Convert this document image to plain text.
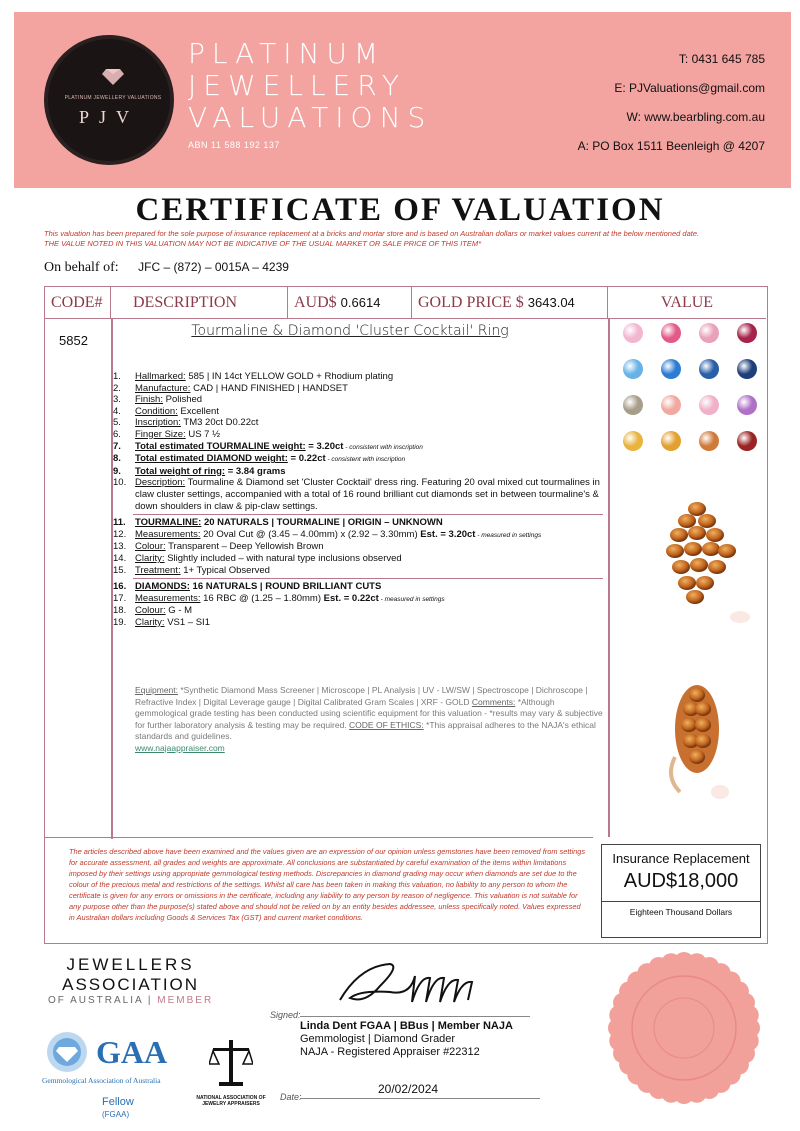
PLATINUM JEWELLERY VALUATIONS
PJV
PLATINUM
JEWELLERY
VALUATIONS
ABN 11 588 192 137
T: 0431 645 785
E: PJValuations@gmail.com
W: www.bearbling.com.au
A: PO Box 1511 Beenleigh @ 4207
CERTIFICATE OF VALUATION
This valuation has been prepared for the sole purpose of insurance replacement at a bricks and mortar store and is based on Australian dollars or market values current at the below mentioned date.
THE VALUE NOTED IN THIS VALUATION MAY NOT BE INDICATIVE OF THE USUAL MARKET OR SALE PRICE OF THIS ITEM*
On behalf of: JFC – (872) – 0015A – 4239
CODE#	DESCRIPTION	AUD$ 0.6614	GOLD PRICE $ 3643.04	VALUE
5852
Tourmaline & Diamond 'Cluster Cocktail' Ring
1.	Hallmarked: 585 | IN 14ct YELLOW GOLD + Rhodium plating
2.	Manufacture: CAD | HAND FINISHED | HANDSET
3.	Finish: Polished
4.	Condition: Excellent
5.	Inscription: TM3 20ct D0.22ct
6.	Finger Size: US 7 ½
7.	Total estimated TOURMALINE weight: = 3.20ct - consistent with inscription
8.	Total estimated DIAMOND weight: = 0.22ct - consistent with inscription
9.	Total weight of ring: = 3.84 grams
10. Description: Tourmaline & Diamond set 'Cluster Cocktail' dress ring. Featuring 20 oval mixed cut tourmalines in claw cluster settings, accompanied with a total of 16 round brilliant cut diamonds set in between tourmaline's & down shoulders in claw & pip-claw settings.
11. TOURMALINE: 20 NATURALS | TOURMALINE | ORIGIN – UNKNOWN
12. Measurements: 20 Oval Cut @ (3.45 – 4.00mm) x (2.92 – 3.30mm) Est. = 3.20ct - measured in settings
13. Colour: Transparent – Deep Yellowish Brown
14. Clarity: Slightly included – with natural type inclusions observed
15. Treatment: 1+ Typical Observed
16. DIAMONDS: 16 NATURALS | ROUND BRILLIANT CUTS
17. Measurements: 16 RBC @ (1.25 – 1.80mm) Est. = 0.22ct - measured in settings
18. Colour: G - M
19. Clarity: VS1 – SI1
Equipment: *Synthetic Diamond Mass Screener | Microscope | PL Analysis | UV - LW/SW | Spectroscope | Dichroscope | Refractive Index | Digital Leverage gauge | Digital Calibrated Gram Scales | XRF - GOLD Comments: *Although gemmological grade testing has been conducted using scientific equipment for this valuation - *results may vary & subjective for further laboratory analysis & testing may be required. CODE OF ETHICS: *This appraisal adheres to the NAJA's ethical standards and guidelines.
www.najaappraiser.com
The articles described above have been examined and the values given are an expression of our opinion unless gemstones have been removed from settings for accurate assessment, all grades and weights are approximate. All conclusions are substantiated by careful examination of the items within limitations imposed by their settings using appropriate gemmological testing methods. Discrepancies in diamond grading may occur when diamonds are set due to the colour of the precious metal and restrictions of the settings. Whilst all care has been taken in making this valuation, no liability to any person to whom the certificate is given for any errors or omissions in the certificate, including any liability to any person by reason of negligence. This valuation is not suitable for any purpose other than the purpose(s) stated above and should not be relied on by an entity besides addressee, unless specifically noted. Values expressed in Australian dollars including Goods & Services Tax (GST) and current market conditions.
Insurance Replacement
AUD$18,000
Eighteen Thousand Dollars
JEWELLERS
ASSOCIATION
OF AUSTRALIA | MEMBER
GAA
Gemmological Association of Australia
Fellow (FGAA)
NATIONAL ASSOCIATION OF JEWELRY APPRAISERS
Signed:
Linda Dent FGAA | BBus | Member NAJA
Gemmologist | Diamond Grader
NAJA - Registered Appraiser #22312
Date:
20/02/2024
